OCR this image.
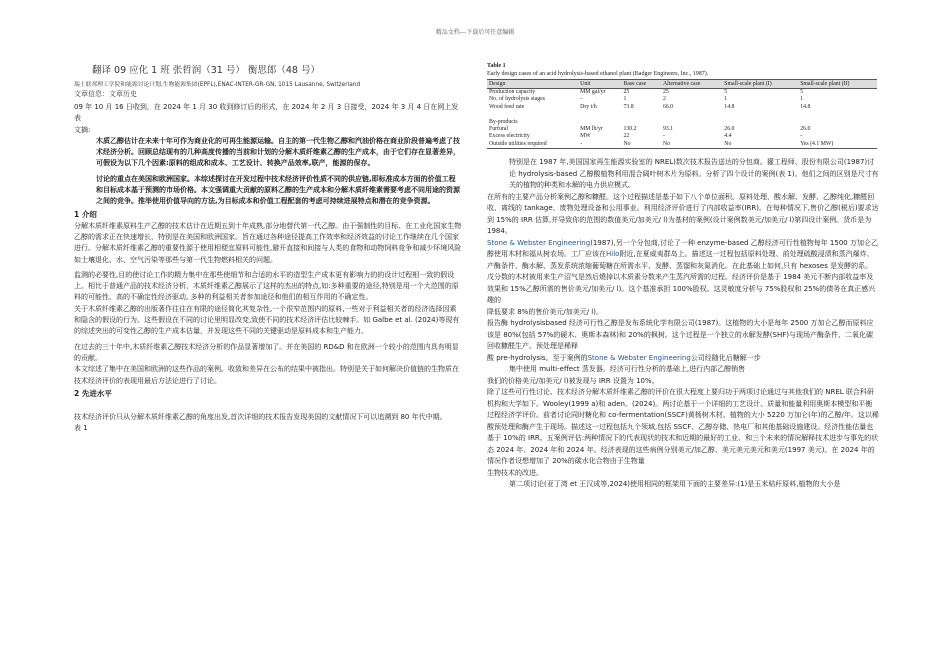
精品文档---下载后可任意编辑

翻译 09 应化 1 班 张哲润（31 号） 衡思郎（48 号）

瑞士联邦理工学院和能源讨论计划,生物能源集团(EPFL),ENAC-INTER-GR-GN, 1015 Lausanne, Switzerland

文章信息：文章历史

09 年 10 月 16 日收到，在 2024 年 1 月 30 收到修订后的形式，在 2024 年 2 月 3 日接受，2024 年 3 月 4 日在网上发表

文摘:

木质乙醇估计在未来十年可作为商业化的可再生能源运输。自主的第一代生物乙醇和汽油价格在商业阶段普遍考虑了技术经济分析。回顾总结现有的几种高度传播的当前和计划的分解木质纤维素乙醇的生产成本，由于它们存在显著差异，可假设为以下几个因素:原料的组成和成本、工艺设计、转换产品效率,联产，能源的保存。

讨论的重点在美国和欧洲国家。本综述探讨在开发过程中技术经济评价性质不同的供应链,即标准成本方面的价值工程和目标成本基于预测的市场价格。本文强调重大贡献的原料乙醇的生产成本和分解木质纤维素需要考虑不同用途的资源之间的竞争。推举使用价值导向的方法,为目标成本和价值工程配套的考虑可持续进展特点和潜在的竞争资源。

1 介绍

分解木质纤维素原料生产乙醇的技术估计在近期五到十年成熟,部分地替代第一代乙醇。由于强制性的目标、在工业化国家生物乙醇的需求正在快速增长，特别是在美国和欧洲国家。旨在通过各种途径提高工作效率和经济效益的讨论工作继续在几个国家进行。分解木质纤维素乙醇的重要性源于使用相便宜原料可能性,避开直接和间接与人类的食物和动物饲料竞争和减少环境风险如土壤退化、水、空气污染等那些与第一代生物燃料相关的问题。

监测的必要性,目的使讨论工作的精力集中在那些使细节和合适的水平的造型生产成本更有影响力的的设计过程相一致的假设上。相比于普通产品的技术经济分析，木质纤维素乙醇展示了这样的杰出的特点,如:多种重要的途径,特别是用一个大范围的原料的可能性、高的不确定性经济驱动, 多种的利益相关者参加途径和他们的相互作用的不确定性。

关于木质纤维素乙醇的出版著作往往在有限的途径简化其复杂性,一个很窄范围内的原料,一些对于利益相关者的经济选择因素和隐含的假设的行为。这些假设在不同的讨论里明显改变,致使不同的技术经济评估比较棘手。如 Galbe et al. (2024)等现有的综述突出的可变性乙醇的生产成本估量，并发现这些不同的关键驱动是原料成本和生产能力。

在过去的三十年中,木质纤维素乙醇技术经济分析的作品显著增加了。并在美国的 RD&D 和在欧洲一个较小的范围内具有明显的贡献。

本文综述了集中在美国和欧洲的这些作品的案例。收敛和差异在公布的结果中被指出。特别是关于如何解决价值链的生物质在技术经济评价的表现用最后方法论进行了讨论。

2 先进水平

技术经济评价只从分解木质纤维素乙醇的角度出发,首次详细的技术报告发现美国的文献情况下可以追溯到 80 年代中期。

表 1

Table 1

Early design cases of an acid hydrolysis-based ethanol plant (Badger Engineers, Inc., 1987).

Design	Unit	Base case	Alternative case	Small-scale plant (I)	Small-scale plant (II)
Production capacity	MM gal/yr	25	25	5	5
No. of hydrolysis stages	-	1	2	1	1
Wood feed rate	Dry t/h	73.8	66.0	14.8	14.8

By-products					
Furfural	MM lb/yr	130.2	93.1	26.0	26.0
Excess electricity	MW	22	-	4.4	-
Outside utilities required	-	No	No	No	Yes (4.1 MW)

特别是在 1987 年,美国国家再生能源实验室的 NREL)数次技术报告送达的分包商。獾工程师、股份有限公司(1987)讨论 hydrolysis-based 乙醇酸植物利用混合阔叶树木片为原料。分析了四个设计的案例(表 1)。他们之间的区别是尺寸有关的植物的种类和水解的电力供应模式。

在所有的主要产品分析案例乙醇和糠醛。这个过程描述是基于如下八个单位面积。原料处理、酸水解、发酵、乙醇纯化,糠醛回收、离线的 tankage、废物处理设备和公用事业。利用经济评价进行了内部收益率(IRR)。在每种情况下,售价乙醇(税后)要求达到 15%的 IRR 估算,并导致你的范围的数值美元/加美元/ l)为基材的案例(设计案例数美元/加美元/ l)第四设计案例。货币是为 1984。

Stone & Webster Engineering(1987),另一个分包商,讨论了一种 enzyme-based 乙醇经济可行性植物每年 1500 万加仑乙醇使用木材和福从树农场。工厂应该在Hilo附近,在夏威夷群岛上。描述这一过程包括原料处理、前处理硫酸浸渍和蒸汽爆炸、产酶条件、酶水解、蒸发系统浓缩葡萄糖在所需水平、发酵、蒸馏和灰氮消化。在此基础上如何,只有 hexoses 是发酵的系。戊分数的木材被用来生产沼气是然后燒掉以木质素分数来产生蒸汽所需的过程。经济评价是基于 1984 美元不断内部收益率及效果和 15%乙醇所需的售价美元/加美元/ l)。这个基准承担 100%股权。这灵敏度分析与 75%股权和 25%的债务在真正感兴趣的

降低要求 8%的售价美元/加美元/ l)。

报告酶 hydrolysisbased 经济可行性乙醇是发布系统化学有限公司(1987)。这植物的大小是每年 2500 万加仑乙醇而原料应该是 80%(包括 57%的硬木、奥斯本森林)和 20%的枫树。这个过程是一个独立的水解发酵(SHF)与现场产酶条件、二氧化碳回收糠醛生产。预处理是稀释

酸 pre-hydrolysis。至于案例的Stone & Webster Engineering公司经随化后糖解一步

集中使用 multi-effect 蒸发器。经济可行性分析的基础上,进行内部乙醇销售

我们的价格美元/加美元/ l)被发现与 IRR 设置为 10%。

除了这些可行性讨论、技术经济分解木质纤维素乙醇的评价在很大程度上要归功于两项讨论通过与其他我们的 NREL 联合科研机构和大学如下。Wooley(1999 a)和 aden。(2024)。两讨论基于一个详细的工艺设计、质量和能量利用奥斯本模型和平衡过程经济学评价。前者讨论同时糖化和 co-fermentation(SSCF)黄杨树木材。植物的大小 5220 万加仑(年)的乙醇/年。这以稀酸预处理和酶产生于现场。描述这一过程包括九个领域,包括 SSCF、乙醇存储、热电厂和其他基础设施建设。经济性能估量也基于 10%的 IRR。五案例评估:两种情况下的代表现状的技术和近期的最好的工业、和三个未来的情况解释技术进步与事先的状态 2024 年、2024 年和 2024 年。经济表现的这些病例分别美元/加乙醇、美元美元美元和美元(1997 美元)。在 2024 年的情况作者设想增加了 20%的碳水化合物由于生物量

生物技术的改进。

第二项讨论(亚丁湾 et 王汉成等,2024)使用相同的框架用下面的主要差异:(1)是玉米秸秆原料,植物的大小是
